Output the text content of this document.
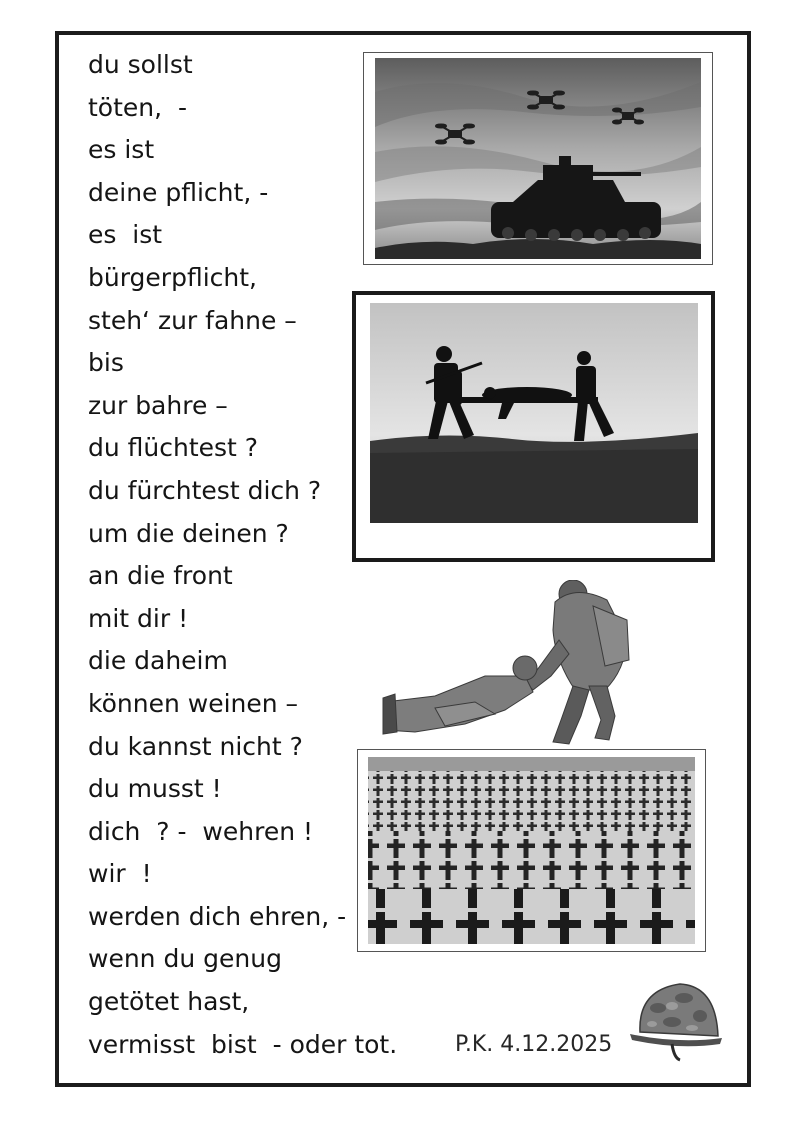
du sollst
töten,  -
es ist
deine pflicht, -
es  ist
bürgerpflicht,
steh‘ zur fahne –
bis
zur bahre –
du flüchtest ?
du fürchtest dich ?
um die deinen ?
an die front
mit dir !
die daheim
können weinen –
du kannst nicht ?
du musst !
dich  ? -  wehren !
wir  !
werden dich ehren, -
wenn du genug
getötet hast,
vermisst  bist  - oder tot.	P.K. 4.12.2025
